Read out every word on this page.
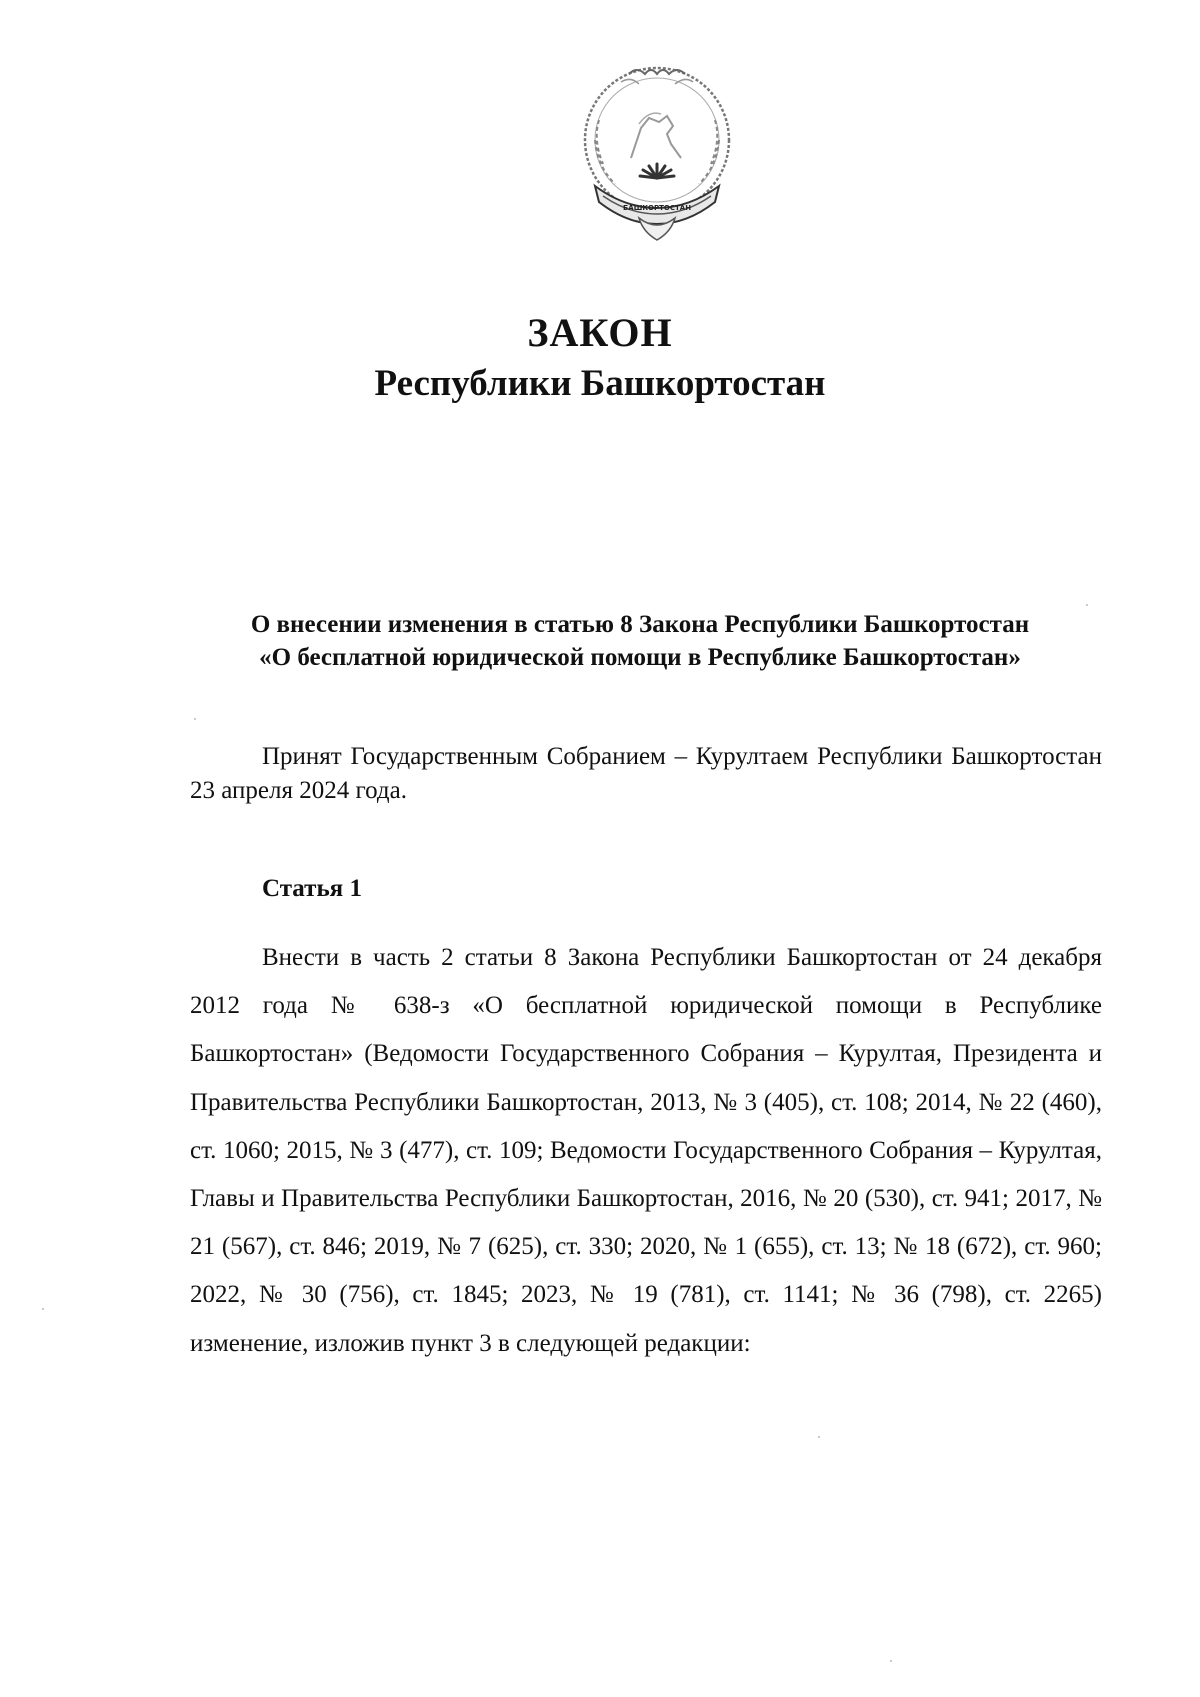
БАШКОРТОСТАН
ЗАКОН
Республики Башкортостан
О внесении изменения в статью 8 Закона Республики Башкортостан
«О бесплатной юридической помощи в Республике Башкортостан»
Принят Государственным Собранием – Курултаем Республики Башкортостан 23 апреля 2024 года.
Статья 1

Внести в часть 2 статьи 8 Закона Республики Башкортостан от 24 декабря 2012 года № 638-з «О бесплатной юридической помощи в Республике Башкортостан» (Ведомости Государственного Собрания – Курултая, Президента и Правительства Республики Башкортостан, 2013, № 3 (405), ст. 108; 2014, № 22 (460), ст. 1060; 2015, № 3 (477), ст. 109; Ведомости Государственного Собрания – Курултая, Главы и Правительства Республики Башкортостан, 2016, № 20 (530), ст. 941; 2017, № 21 (567), ст. 846; 2019, № 7 (625), ст. 330; 2020, № 1 (655), ст. 13; № 18 (672), ст. 960; 2022, № 30 (756), ст. 1845; 2023, № 19 (781), ст. 1141; № 36 (798), ст. 2265) изменение, изложив пункт 3 в следующей редакции:
